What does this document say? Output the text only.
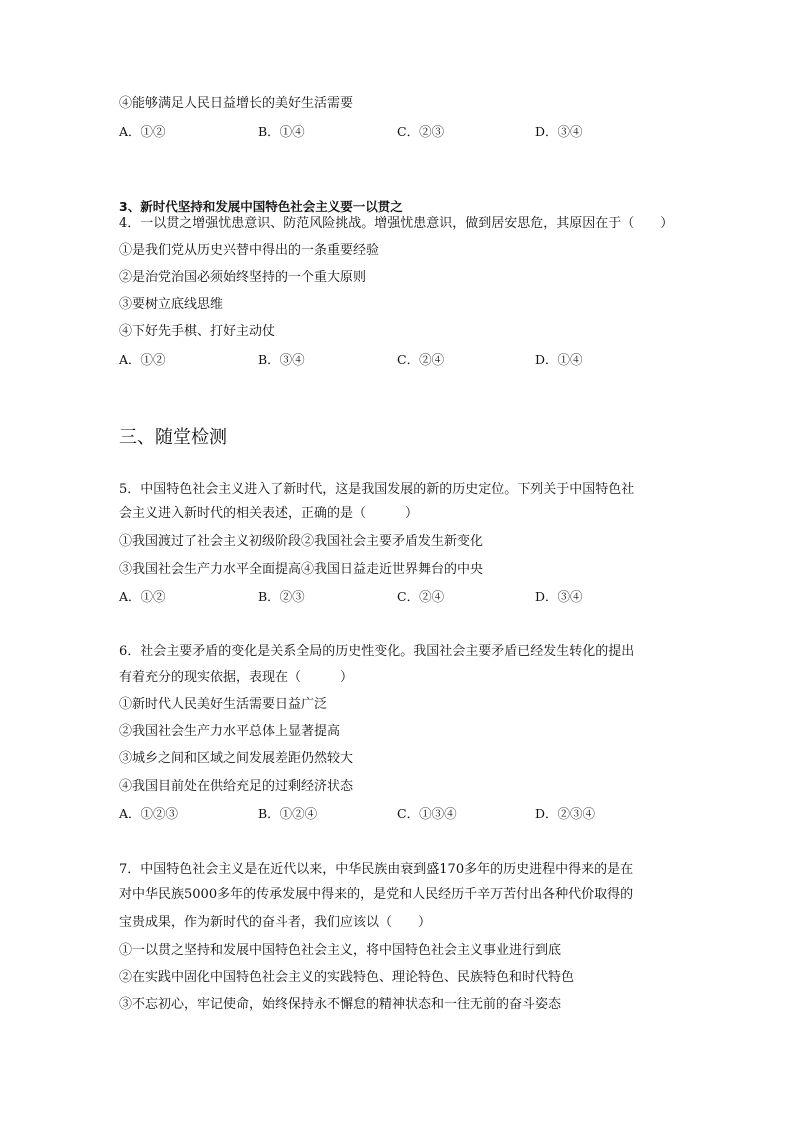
④能够满足人民日益增长的美好生活需要
A．①②	B．①④	C．②③	D．③④
3、新时代坚持和发展中国特色社会主义要一以贯之
4．一以贯之增强忧患意识、防范风险挑战。增强忧患意识，做到居安思危，其原因在于（　　）
①是我们党从历史兴替中得出的一条重要经验
②是治党治国必须始终坚持的一个重大原则
③要树立底线思维
④下好先手棋、打好主动仗
A．①②	B．③④	C．②④	D．①④
三、随堂检测
5．中国特色社会主义进入了新时代，这是我国发展的新的历史定位。下列关于中国特色社
会主义进入新时代的相关表述，正确的是（　　　）
①我国渡过了社会主义初级阶段②我国社会主要矛盾发生新变化
③我国社会生产力水平全面提高④我国日益走近世界舞台的中央
A．①②	B．②③	C．②④	D．③④
6．社会主要矛盾的变化是关系全局的历史性变化。我国社会主要矛盾已经发生转化的提出
有着充分的现实依据，表现在（　　　）
①新时代人民美好生活需要日益广泛
②我国社会生产力水平总体上显著提高
③城乡之间和区域之间发展差距仍然较大
④我国目前处在供给充足的过剩经济状态
A．①②③	B．①②④	C．①③④	D．②③④
7．中国特色社会主义是在近代以来，中华民族由衰到盛170多年的历史进程中得来的是在
对中华民族5000多年的传承发展中得来的，是党和人民经历千辛万苦付出各种代价取得的
宝贵成果，作为新时代的奋斗者，我们应该以（　　）
①一以贯之坚持和发展中国特色社会主义，将中国特色社会主义事业进行到底
②在实践中固化中国特色社会主义的实践特色、理论特色、民族特色和时代特色
③不忘初心，牢记使命，始终保持永不懈怠的精神状态和一往无前的奋斗姿态
